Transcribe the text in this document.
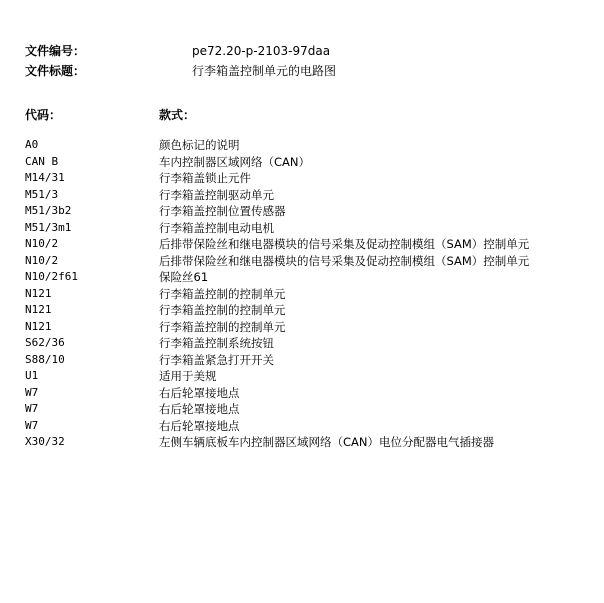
文件编号：	pe72.20-p-2103-97daa
文件标题：	行李箱盖控制单元的电路图
代码：	款式：
A0	颜色标记的说明
CAN B	车内控制器区域网络（CAN）
M14/31	行李箱盖锁止元件
M51/3	行李箱盖控制驱动单元
M51/3b2	行李箱盖控制位置传感器
M51/3m1	行李箱盖控制电动电机
N10/2	后排带保险丝和继电器模块的信号采集及促动控制模组（SAM）控制单元
N10/2	后排带保险丝和继电器模块的信号采集及促动控制模组（SAM）控制单元
N10/2f61	保险丝61
N121	行李箱盖控制的控制单元
N121	行李箱盖控制的控制单元
N121	行李箱盖控制的控制单元
S62/36	行李箱盖控制系统按钮
S88/10	行李箱盖紧急打开开关
U1	适用于美规
W7	右后轮罩接地点
W7	右后轮罩接地点
W7	右后轮罩接地点
X30/32	左侧车辆底板车内控制器区域网络（CAN）电位分配器电气插接器
